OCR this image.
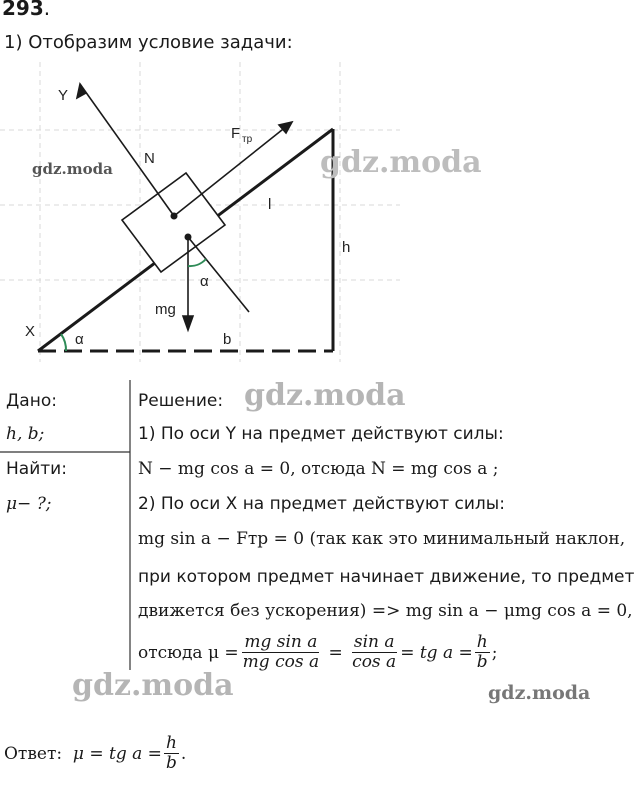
293.
1) Отобразим условие задачи:
Y
N
F тр
l
h
α
mg
X	α	b
gdz.moda	gdz.moda
Дано:
h, b;
Найти:
μ− ?;
Решение:
1) По оси Y на предмет действуют силы:
N − mg cos a = 0, отсюда N = mg cos a ;
2) По оси X на предмет действуют силы:
mg sin a − Fтр = 0 (так как это минимальный наклон,
при котором предмет начинает движение, то предмет
движется без ускорения) => mg sin a − μmg cos a = 0,
отсюда $\mu = \frac{\text{mg sin a}}{\text{mg cos a}} = \frac{\text{sin a}}{\text{cos a}}$ = tg $a = \frac{h}{b}$ ;
Ответ:
μ = tg $a = \frac{h}{b}$ .
gdz.moda
gdz.moda	gdz.moda
